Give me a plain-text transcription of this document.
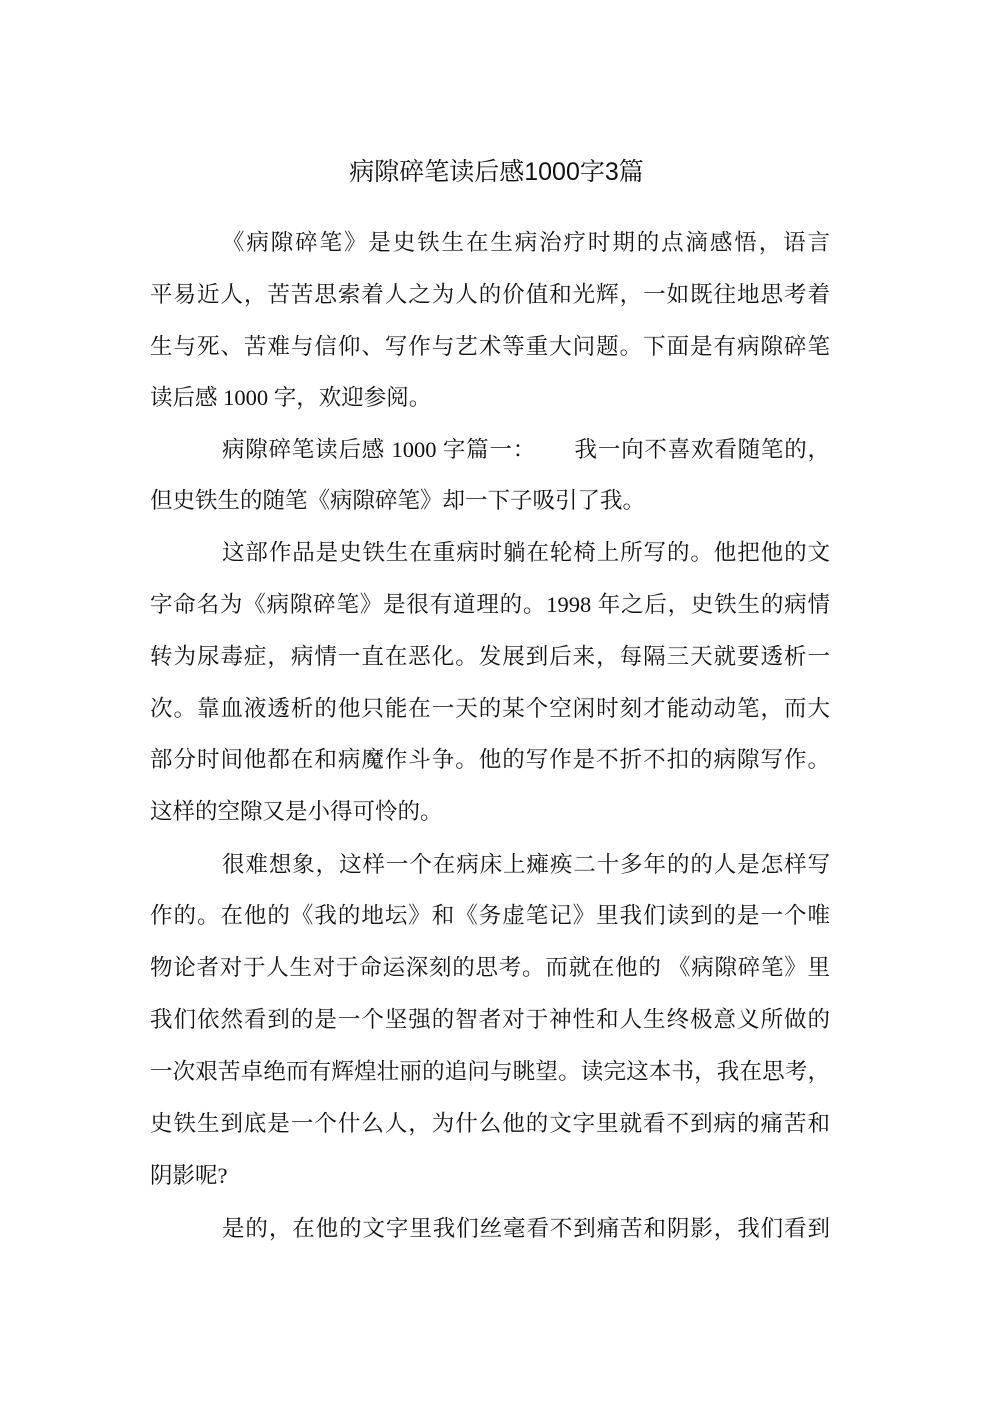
病隙碎笔读后感1000字3篇
《病隙碎笔》是史铁生在生病治疗时期的点滴感悟，语言
平易近人，苦苦思索着人之为人的价值和光辉，一如既往地思考着
生与死、苦难与信仰、写作与艺术等重大问题。下面是有病隙碎笔
读后感 1000 字，欢迎参阅。
病隙碎笔读后感 1000 字篇一：      我一向不喜欢看随笔的，
但史铁生的随笔《病隙碎笔》却一下子吸引了我。
这部作品是史铁生在重病时躺在轮椅上所写的。他把他的文
字命名为《病隙碎笔》是很有道理的。1998 年之后，史铁生的病情
转为尿毒症，病情一直在恶化。发展到后来，每隔三天就要透析一
次。靠血液透析的他只能在一天的某个空闲时刻才能动动笔，而大
部分时间他都在和病魔作斗争。他的写作是不折不扣的病隙写作。
这样的空隙又是小得可怜的。
很难想象，这样一个在病床上瘫痪二十多年的的人是怎样写
作的。在他的《我的地坛》和《务虚笔记》里我们读到的是一个唯
物论者对于人生对于命运深刻的思考。而就在他的 《病隙碎笔》里
我们依然看到的是一个坚强的智者对于神性和人生终极意义所做的
一次艰苦卓绝而有辉煌壮丽的追问与眺望。读完这本书，我在思考，
史铁生到底是一个什么人，为什么他的文字里就看不到病的痛苦和
阴影呢?
是的，在他的文字里我们丝毫看不到痛苦和阴影，我们看到
